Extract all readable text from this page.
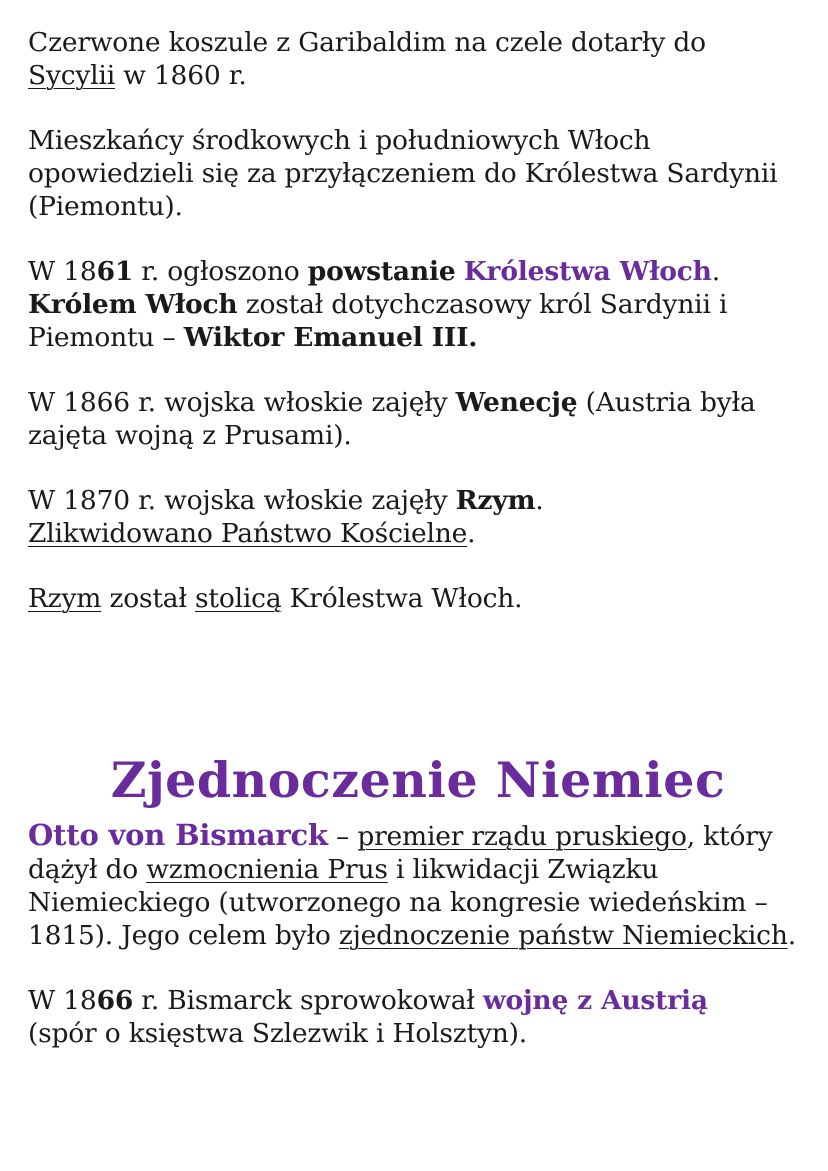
Czerwone koszule z Garibaldim na czele dotarły do
Sycylii w 1860 r.

Mieszkańcy środkowych i południowych Włoch opowiedzieli się za przyłączeniem do Królestwa Sardynii (Piemontu).

W 1861 r. ogłoszono powstanie Królestwa Włoch.
Królem Włoch został dotychczasowy król Sardynii i Piemontu – Wiktor Emanuel III.

W 1866 r. wojska włoskie zajęły Wenecję (Austria była zajęta wojną z Prusami).

W 1870 r. wojska włoskie zajęły Rzym.
Zlikwidowano Państwo Kościelne.

Rzym został stolicą Królestwa Włoch.

Zjednoczenie Niemiec

Otto von Bismarck – premier rządu pruskiego, który dążył do wzmocnienia Prus i likwidacji Związku Niemieckiego (utworzonego na kongresie wiedeńskim – 1815). Jego celem było zjednoczenie państw Niemieckich.

W 1866 r. Bismarck sprowokował wojnę z Austrią
(spór o księstwa Szlezwik i Holsztyn).
